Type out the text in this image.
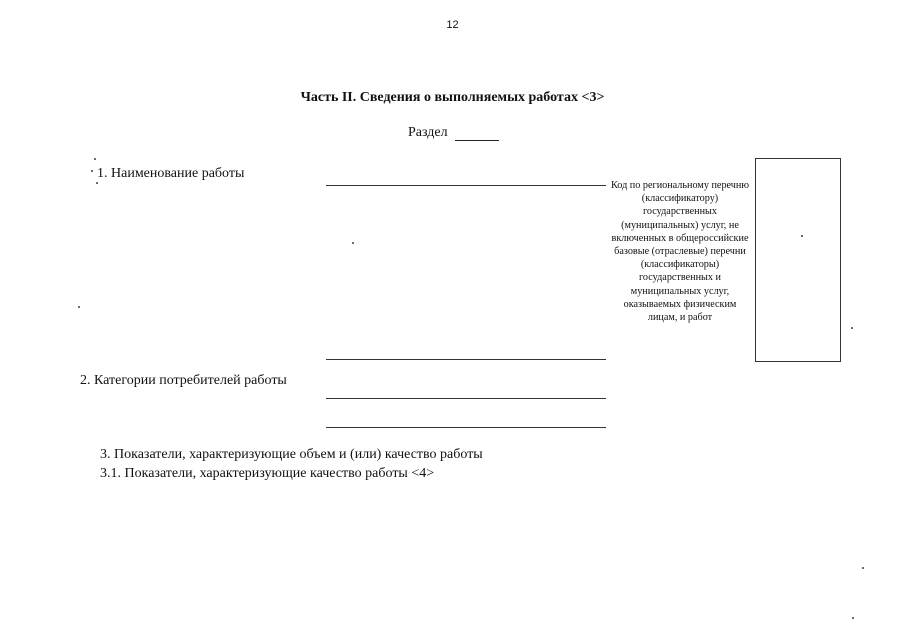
12
Часть II. Сведения о выполняемых работах <3>
Раздел
1. Наименование работы
Код по региональному перечню (классификатору) государственных (муниципальных) услуг, не включенных в общероссийские базовые (отраслевые) перечни (классификаторы) государственных и муниципальных услуг, оказываемых физическим лицам, и работ
2. Категории потребителей работы
3. Показатели, характеризующие объем и (или) качество работы
3.1. Показатели, характеризующие качество работы <4>
